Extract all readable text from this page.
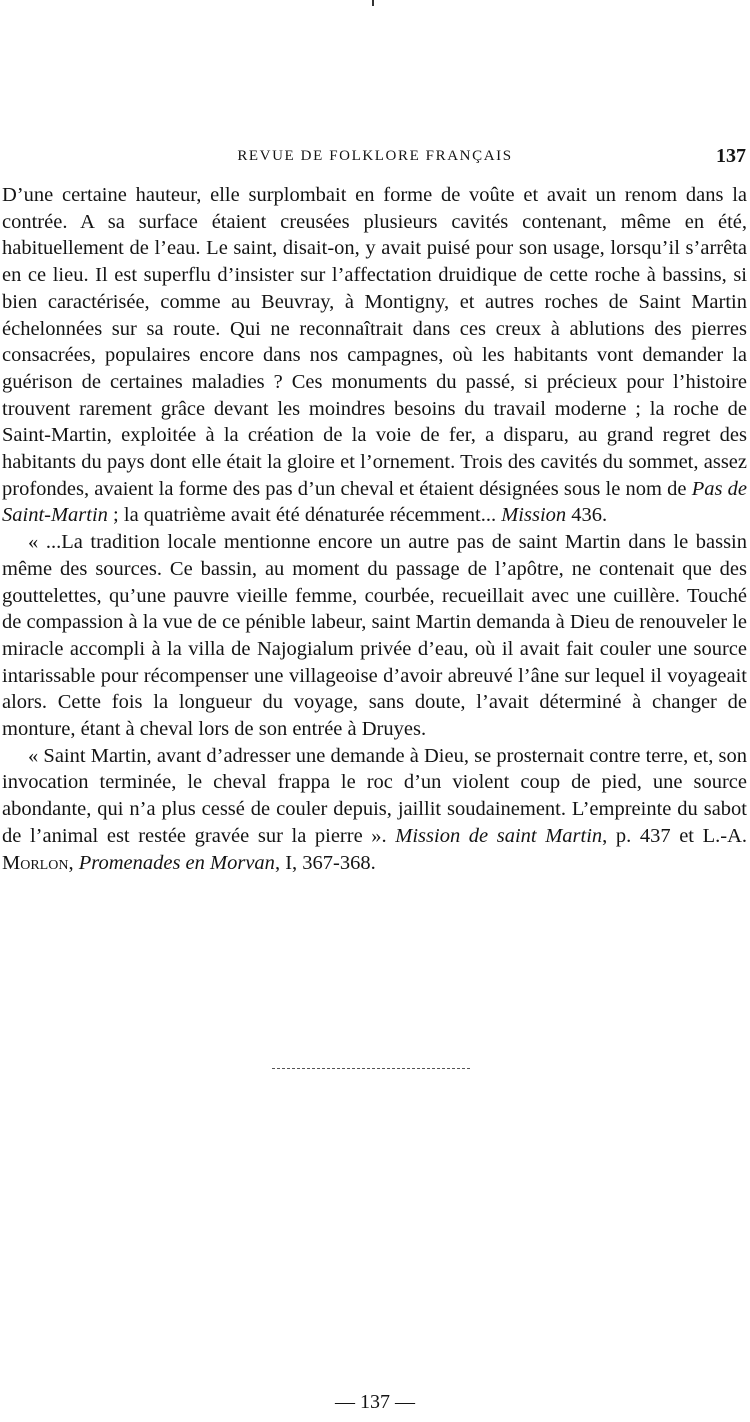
REVUE DE FOLKLORE FRANÇAIS	137

D’une certaine hauteur, elle surplombait en forme de voûte et avait un renom dans la contrée. A sa surface étaient creusées plusieurs cavités contenant, même en été, habituellement de l’eau. Le saint, disait-on, y avait puisé pour son usage, lorsqu’il s’arrêta en ce lieu. Il est superflu d’insister sur l’affectation druidique de cette roche à bassins, si bien caractérisée, comme au Beuvray, à Montigny, et autres roches de Saint Martin échelonnées sur sa route. Qui ne reconnaîtrait dans ces creux à ablutions des pierres consacrées, populaires encore dans nos campagnes, où les habitants vont demander la guérison de certaines maladies ? Ces monuments du passé, si précieux pour l’histoire trouvent rarement grâce devant les moindres besoins du travail moderne ; la roche de Saint-Martin, exploitée à la création de la voie de fer, a disparu, au grand regret des habitants du pays dont elle était la gloire et l’ornement. Trois des cavités du sommet, assez profondes, avaient la forme des pas d’un cheval et étaient désignées sous le nom de Pas de Saint-Martin ; la quatrième avait été dénaturée récemment... Mission 436.

« ...La tradition locale mentionne encore un autre pas de saint Martin dans le bassin même des sources. Ce bassin, au moment du passage de l’apôtre, ne contenait que des gouttelettes, qu’une pauvre vieille femme, courbée, recueillait avec une cuillère. Touché de compassion à la vue de ce pénible labeur, saint Martin demanda à Dieu de renouveler le miracle accompli à la villa de Najogialum privée d’eau, où il avait fait couler une source intarissable pour récompenser une villageoise d’avoir abreuvé l’âne sur lequel il voyageait alors. Cette fois la longueur du voyage, sans doute, l’avait déterminé à changer de monture, étant à cheval lors de son entrée à Druyes.

« Saint Martin, avant d’adresser une demande à Dieu, se prosternait contre terre, et, son invocation terminée, le cheval frappa le roc d’un violent coup de pied, une source abondante, qui n’a plus cessé de couler depuis, jaillit soudainement. L’empreinte du sabot de l’animal est restée gravée sur la pierre ». Mission de saint Martin, p. 437 et L.-A. Morlon, Promenades en Morvan, I, 367-368.

— 137 —
